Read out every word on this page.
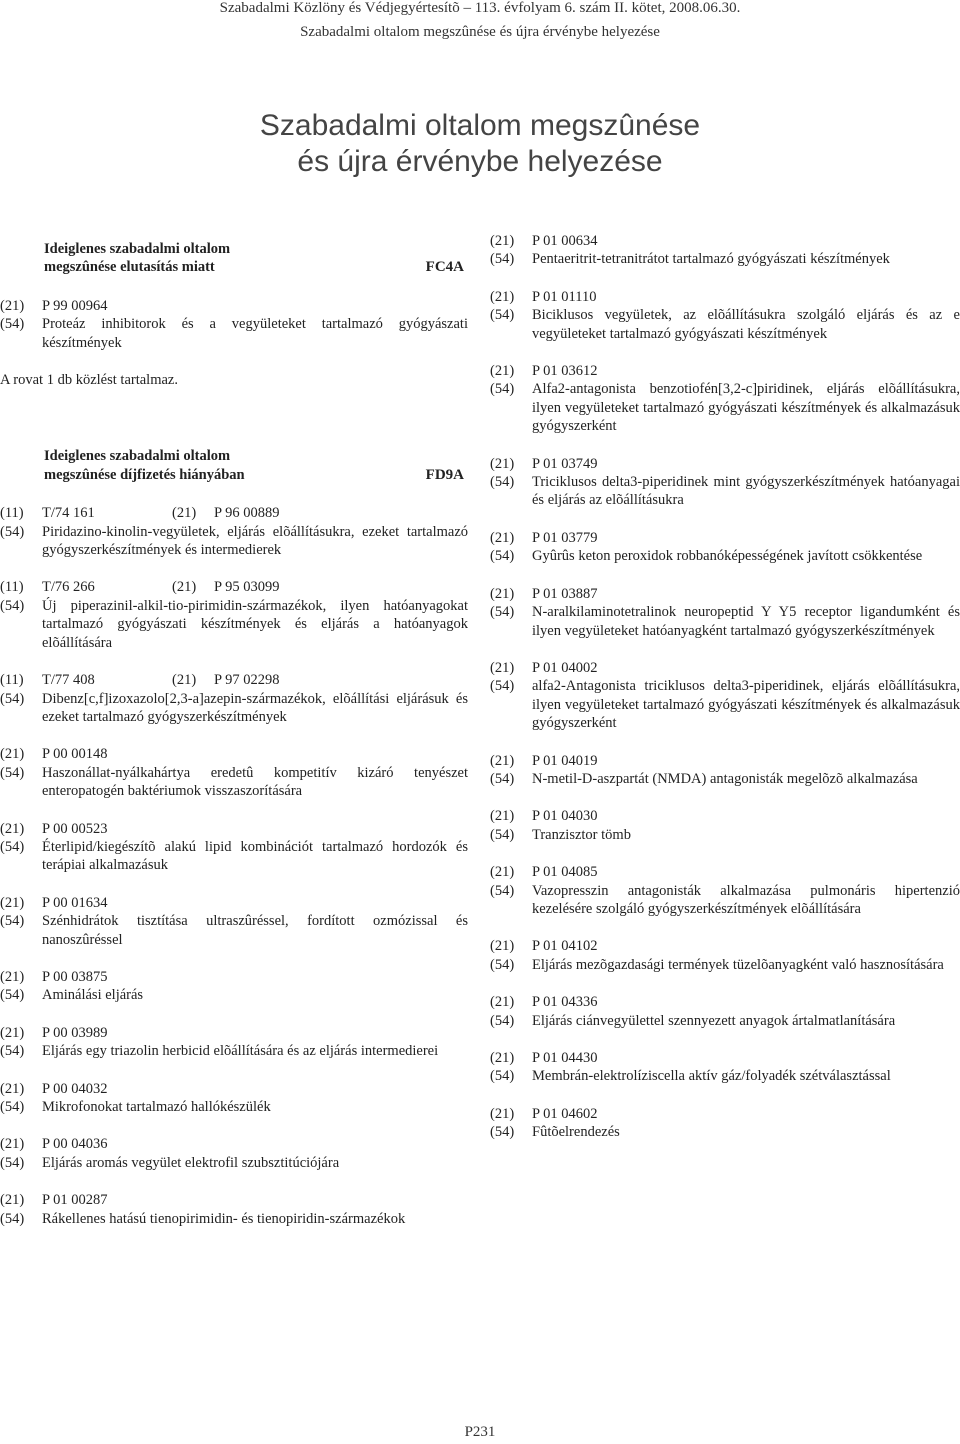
Szabadalmi Közlöny és Védjegyértesítõ – 113. évfolyam 6. szám II. kötet, 2008.06.30.
Szabadalmi oltalom megszûnése és újra érvénybe helyezése
Szabadalmi oltalom megszûnése
és újra érvénybe helyezése
Ideiglenes szabadalmi oltalom
megszûnése elutasítás miatt	FC4A
(21)	P 99 00964
(54)	Proteáz inhibitorok és a vegyületeket tartalmazó gyógyászati készítmények
A rovat 1 db közlést tartalmaz.
Ideiglenes szabadalmi oltalom
megszûnése díjfizetés hiányában	FD9A
(11)	T/74 161	(21)	P 96 00889
(54)	Piridazino-kinolin-vegyületek, eljárás elõállításukra, ezeket tartalmazó gyógyszerkészítmények és intermedierek
(11)	T/76 266	(21)	P 95 03099
(54)	Új piperazinil-alkil-tio-pirimidin-származékok, ilyen hatóanyagokat tartalmazó gyógyászati készítmények és eljárás a hatóanyagok elõállítására
(11)	T/77 408	(21)	P 97 02298
(54)	Dibenz[c,f]izoxazolo[2,3-a]azepin-származékok, elõállítási eljárásuk és ezeket tartalmazó gyógyszerkészítmények
(21)	P 00 00148
(54)	Haszonállat-nyálkahártya eredetû kompetitív kizáró tenyészet enteropatogén baktériumok visszaszorítására
(21)	P 00 00523
(54)	Éterlipid/kiegészítõ alakú lipid kombinációt tartalmazó hordozók és terápiai alkalmazásuk
(21)	P 00 01634
(54)	Szénhidrátok tisztítása ultraszûréssel, fordított ozmózissal és nanoszûréssel
(21)	P 00 03875
(54)	Aminálási eljárás
(21)	P 00 03989
(54)	Eljárás egy triazolin herbicid elõállítására és az eljárás intermedierei
(21)	P 00 04032
(54)	Mikrofonokat tartalmazó hallókészülék
(21)	P 00 04036
(54)	Eljárás aromás vegyület elektrofil szubsztitúciójára
(21)	P 01 00287
(54)	Rákellenes hatású tienopirimidin- és tienopiridin-származékok
(21)	P 01 00634
(54)	Pentaeritrit-tetranitrátot tartalmazó gyógyászati készítmények
(21)	P 01 01110
(54)	Biciklusos vegyületek, az elõállításukra szolgáló eljárás és az e vegyületeket tartalmazó gyógyászati készítmények
(21)	P 01 03612
(54)	Alfa2-antagonista benzotiofén[3,2-c]piridinek, eljárás elõállításukra, ilyen vegyületeket tartalmazó gyógyászati készítmények és alkalmazásuk gyógyszerként
(21)	P 01 03749
(54)	Triciklusos delta3-piperidinek mint gyógyszerkészítmények hatóanyagai és eljárás az elõállításukra
(21)	P 01 03779
(54)	Gyûrûs keton peroxidok robbanóképességének javított csökkentése
(21)	P 01 03887
(54)	N-aralkilaminotetralinok neuropeptid Y Y5 receptor ligandumként és ilyen vegyületeket hatóanyagként tartalmazó gyógyszerkészítmények
(21)	P 01 04002
(54)	alfa2-Antagonista triciklusos delta3-piperidinek, eljárás elõállításukra, ilyen vegyületeket tartalmazó gyógyászati készítmények és alkalmazásuk gyógyszerként
(21)	P 01 04019
(54)	N-metil-D-aszpartát (NMDA) antagonisták megelõzõ alkalmazása
(21)	P 01 04030
(54)	Tranzisztor tömb
(21)	P 01 04085
(54)	Vazopresszin antagonisták alkalmazása pulmonáris hipertenzió kezelésére szolgáló gyógyszerkészítmények elõállítására
(21)	P 01 04102
(54)	Eljárás mezõgazdasági termények tüzelõanyagként való hasznosítására
(21)	P 01 04336
(54)	Eljárás ciánvegyülettel szennyezett anyagok ártalmatlanítására
(21)	P 01 04430
(54)	Membrán-elektrolíziscella aktív gáz/folyadék szétválasztással
(21)	P 01 04602
(54)	Fûtõelrendezés
P231
